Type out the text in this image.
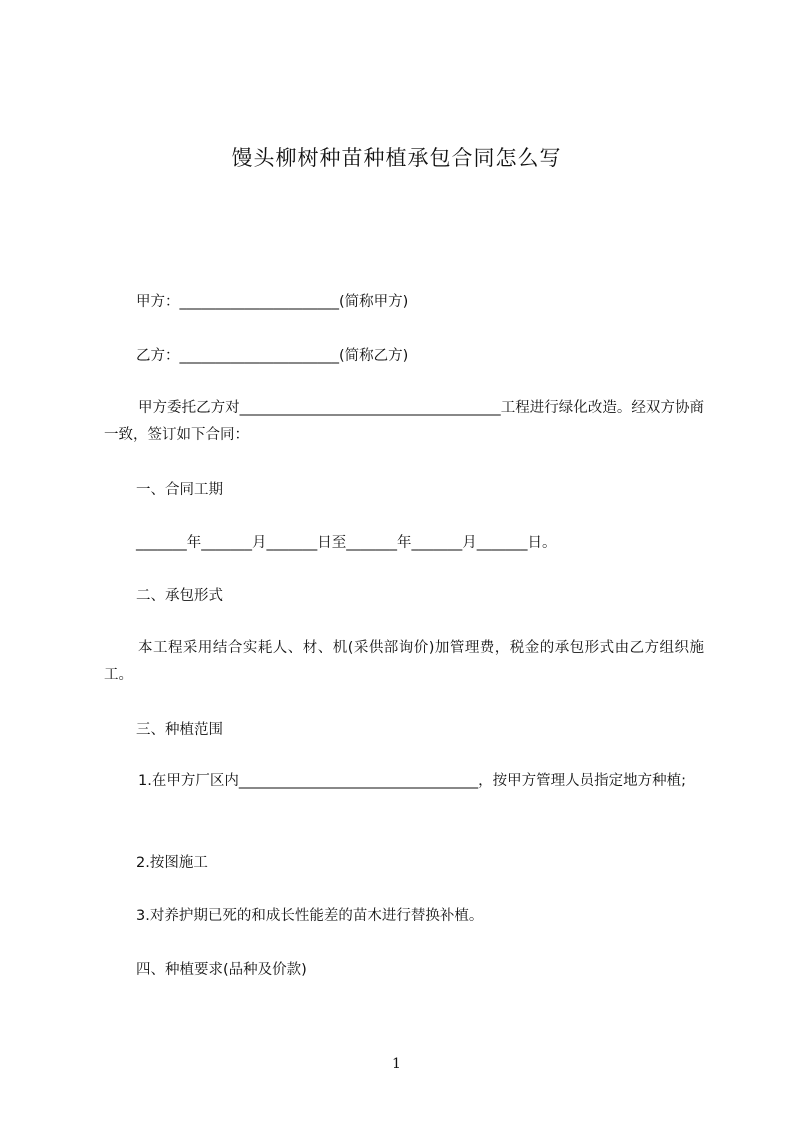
馒头柳树种苗种植承包合同怎么写
甲方：______________________(简称甲方)
乙方：______________________(简称乙方)
甲方委托乙方对____________________________________工程进行绿化改造。经双方协商一致，签订如下合同：
一、合同工期
_______年_______月_______日至_______年_______月_______日。
二、承包形式
本工程采用结合实耗人、材、机(采供部询价)加管理费，税金的承包形式由乙方组织施工。
三、种植范围
1.在甲方厂区内_________________________________，按甲方管理人员指定地方种植;
2.按图施工
3.对养护期已死的和成长性能差的苗木进行替换补植。
四、种植要求(品种及价款)
1
